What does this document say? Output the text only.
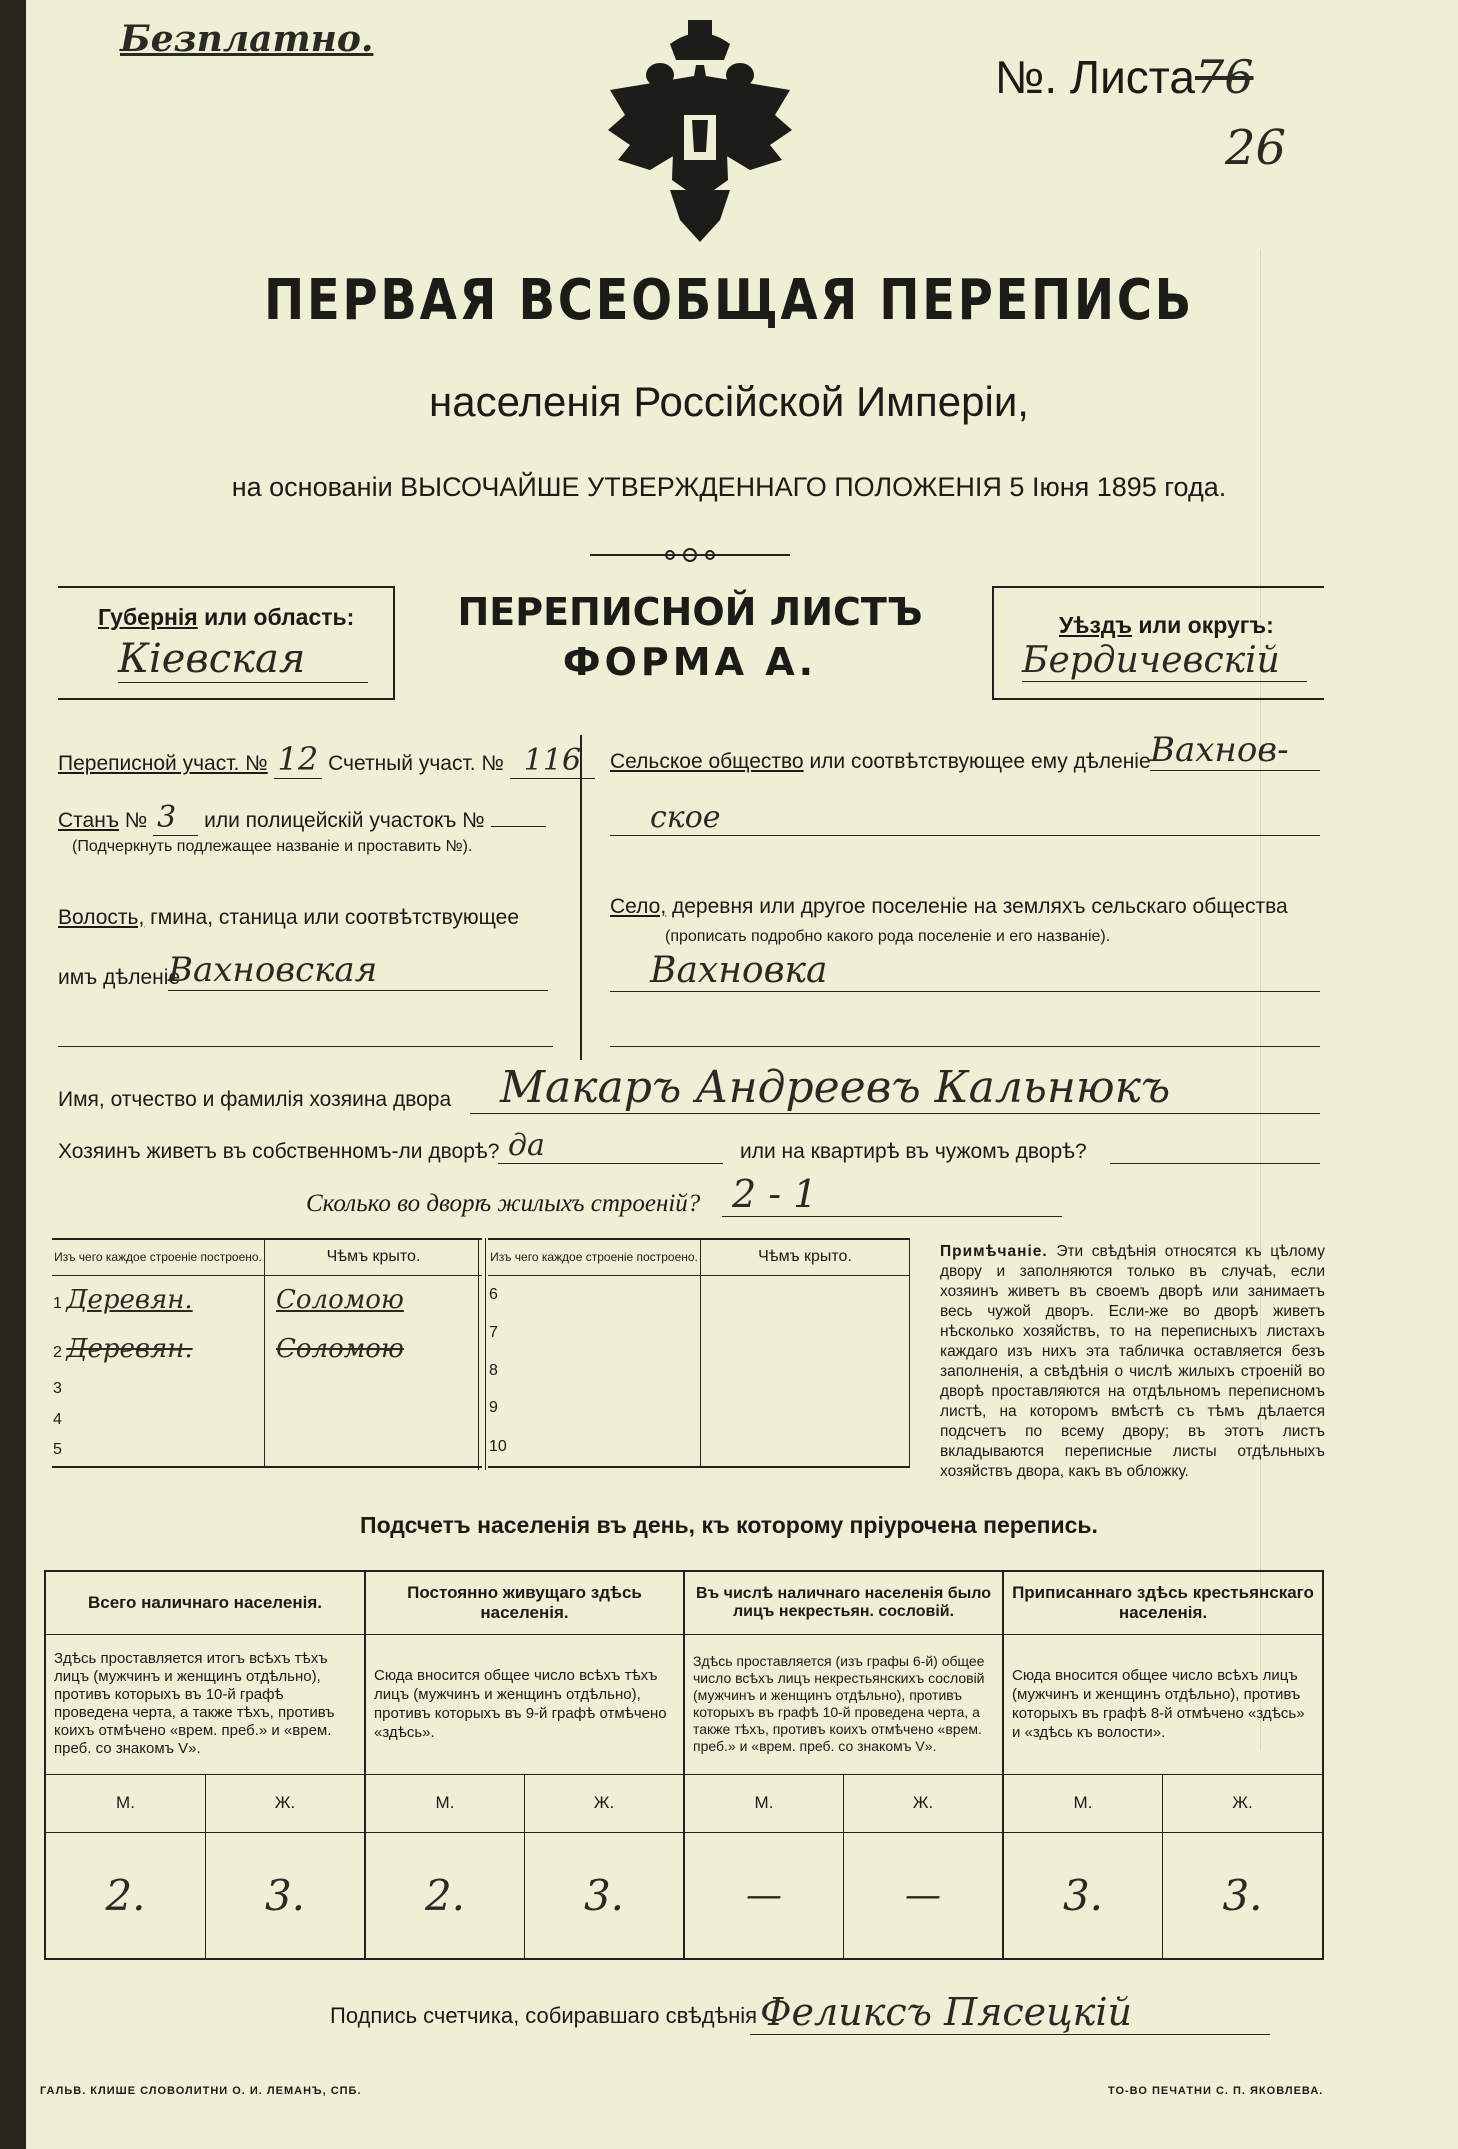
Безплатно.
№. Листа76
26
ПЕРВАЯ ВСЕОБЩАЯ ПЕРЕПИСЬ
населенія Россійской Имперіи,
на основаніи ВЫСОЧАЙШЕ УТВЕРЖДЕННАГО ПОЛОЖЕНІЯ 5 Іюня 1895 года.
Губернія или область:
Кіевская
ПЕРЕПИСНОЙ ЛИСТЪ
ФОРМА А.
Уѣздъ или округъ:
Бердичевскій
Переписной участ. № 12 Счетный участ. № 116
Станъ № 3 или полицейскій участокъ №
(Подчеркнуть подлежащее названіе и проставить №).
Волость, гмина, станица или соотвѣтствующее
имъ дѣленіе
Вахновская
Сельское общество или соотвѣтствующее ему дѣленіе Вахнов-
ское
Село, деревня или другое поселеніе на земляхъ сельскаго общества
(прописать подробно какого рода поселеніе и его названіе).
Вахновка
Имя, отчество и фамилія хозяина двора	Макаръ Андреевъ Кальнюкъ
Хозяинъ живетъ въ собственномъ-ли дворѣ? да	или на квартирѣ въ чужомъ дворѣ?
Сколько во дворѣ жилыхъ строеній? 2 - 1
Изъ чего каждое строеніе построено.	Чѣмъ крыто.
1 Деревян.	Соломою
2 Деревян.	Соломою
3	
4	
5	
Изъ чего каждое строеніе построено.	Чѣмъ крыто.
6	
7	
8	
9	
10	
Примѣчаніе. Эти свѣдѣнія относятся къ цѣлому двору и заполняются только въ случаѣ, если хозяинъ живетъ въ своемъ дворѣ или занимаетъ весь чужой дворъ. Если-же во дворѣ живетъ нѣсколько хозяйствъ, то на переписныхъ листахъ каждаго изъ нихъ эта табличка оставляется безъ заполненія, а свѣдѣнія о числѣ жилыхъ строеній во дворѣ проставляются на отдѣльномъ переписномъ листѣ, на которомъ вмѣстѣ съ тѣмъ дѣлается подсчетъ по всему двору; въ этотъ листъ вкладываются переписные листы отдѣльныхъ хозяйствъ двора, какъ въ обложку.
Подсчетъ населенія въ день, къ которому пріурочена перепись.
Всего наличнаго населенія.		Постоянно живущаго здѣсь населенія.		Въ числѣ наличнаго населенія было лицъ некрестьян. сословій.		Приписаннаго здѣсь крестьянскаго населенія.	
Здѣсь проставляется итогъ всѣхъ тѣхъ лицъ (мужчинъ и женщинъ отдѣльно), противъ которыхъ въ 10-й графѣ проведена черта, а также тѣхъ, противъ коихъ отмѣчено «врем. преб.» и «врем. преб. со знакомъ V».		Сюда вносится общее число всѣхъ тѣхъ лицъ (мужчинъ и женщинъ отдѣльно), противъ которыхъ въ 9-й графѣ отмѣчено «здѣсь».		Здѣсь проставляется (изъ графы 6-й) общее число всѣхъ лицъ некрестьянскихъ сословій (мужчинъ и женщинъ отдѣльно), противъ которыхъ въ графѣ 10-й проведена черта, а также тѣхъ, противъ коихъ отмѣчено «врем. преб.» и «врем. преб. со знакомъ V».		Сюда вносится общее число всѣхъ лицъ (мужчинъ и женщинъ отдѣльно), противъ которыхъ въ графѣ 8-й отмѣчено «здѣсь» и «здѣсь къ волости».	
М.	Ж.	М.	Ж.	М.	Ж.	М.	Ж.
2.	3.	2.	3.	—	—	3.	3.
Подпись счетчика, собиравшаго свѣдѣнія Феликсъ Пясецкій
ГАЛЬВ. КЛИШЕ СЛОВОЛИТНИ О. И. ЛЕМАНЪ, СПБ.	ТО-ВО ПЕЧАТНИ С. П. ЯКОВЛЕВА.
